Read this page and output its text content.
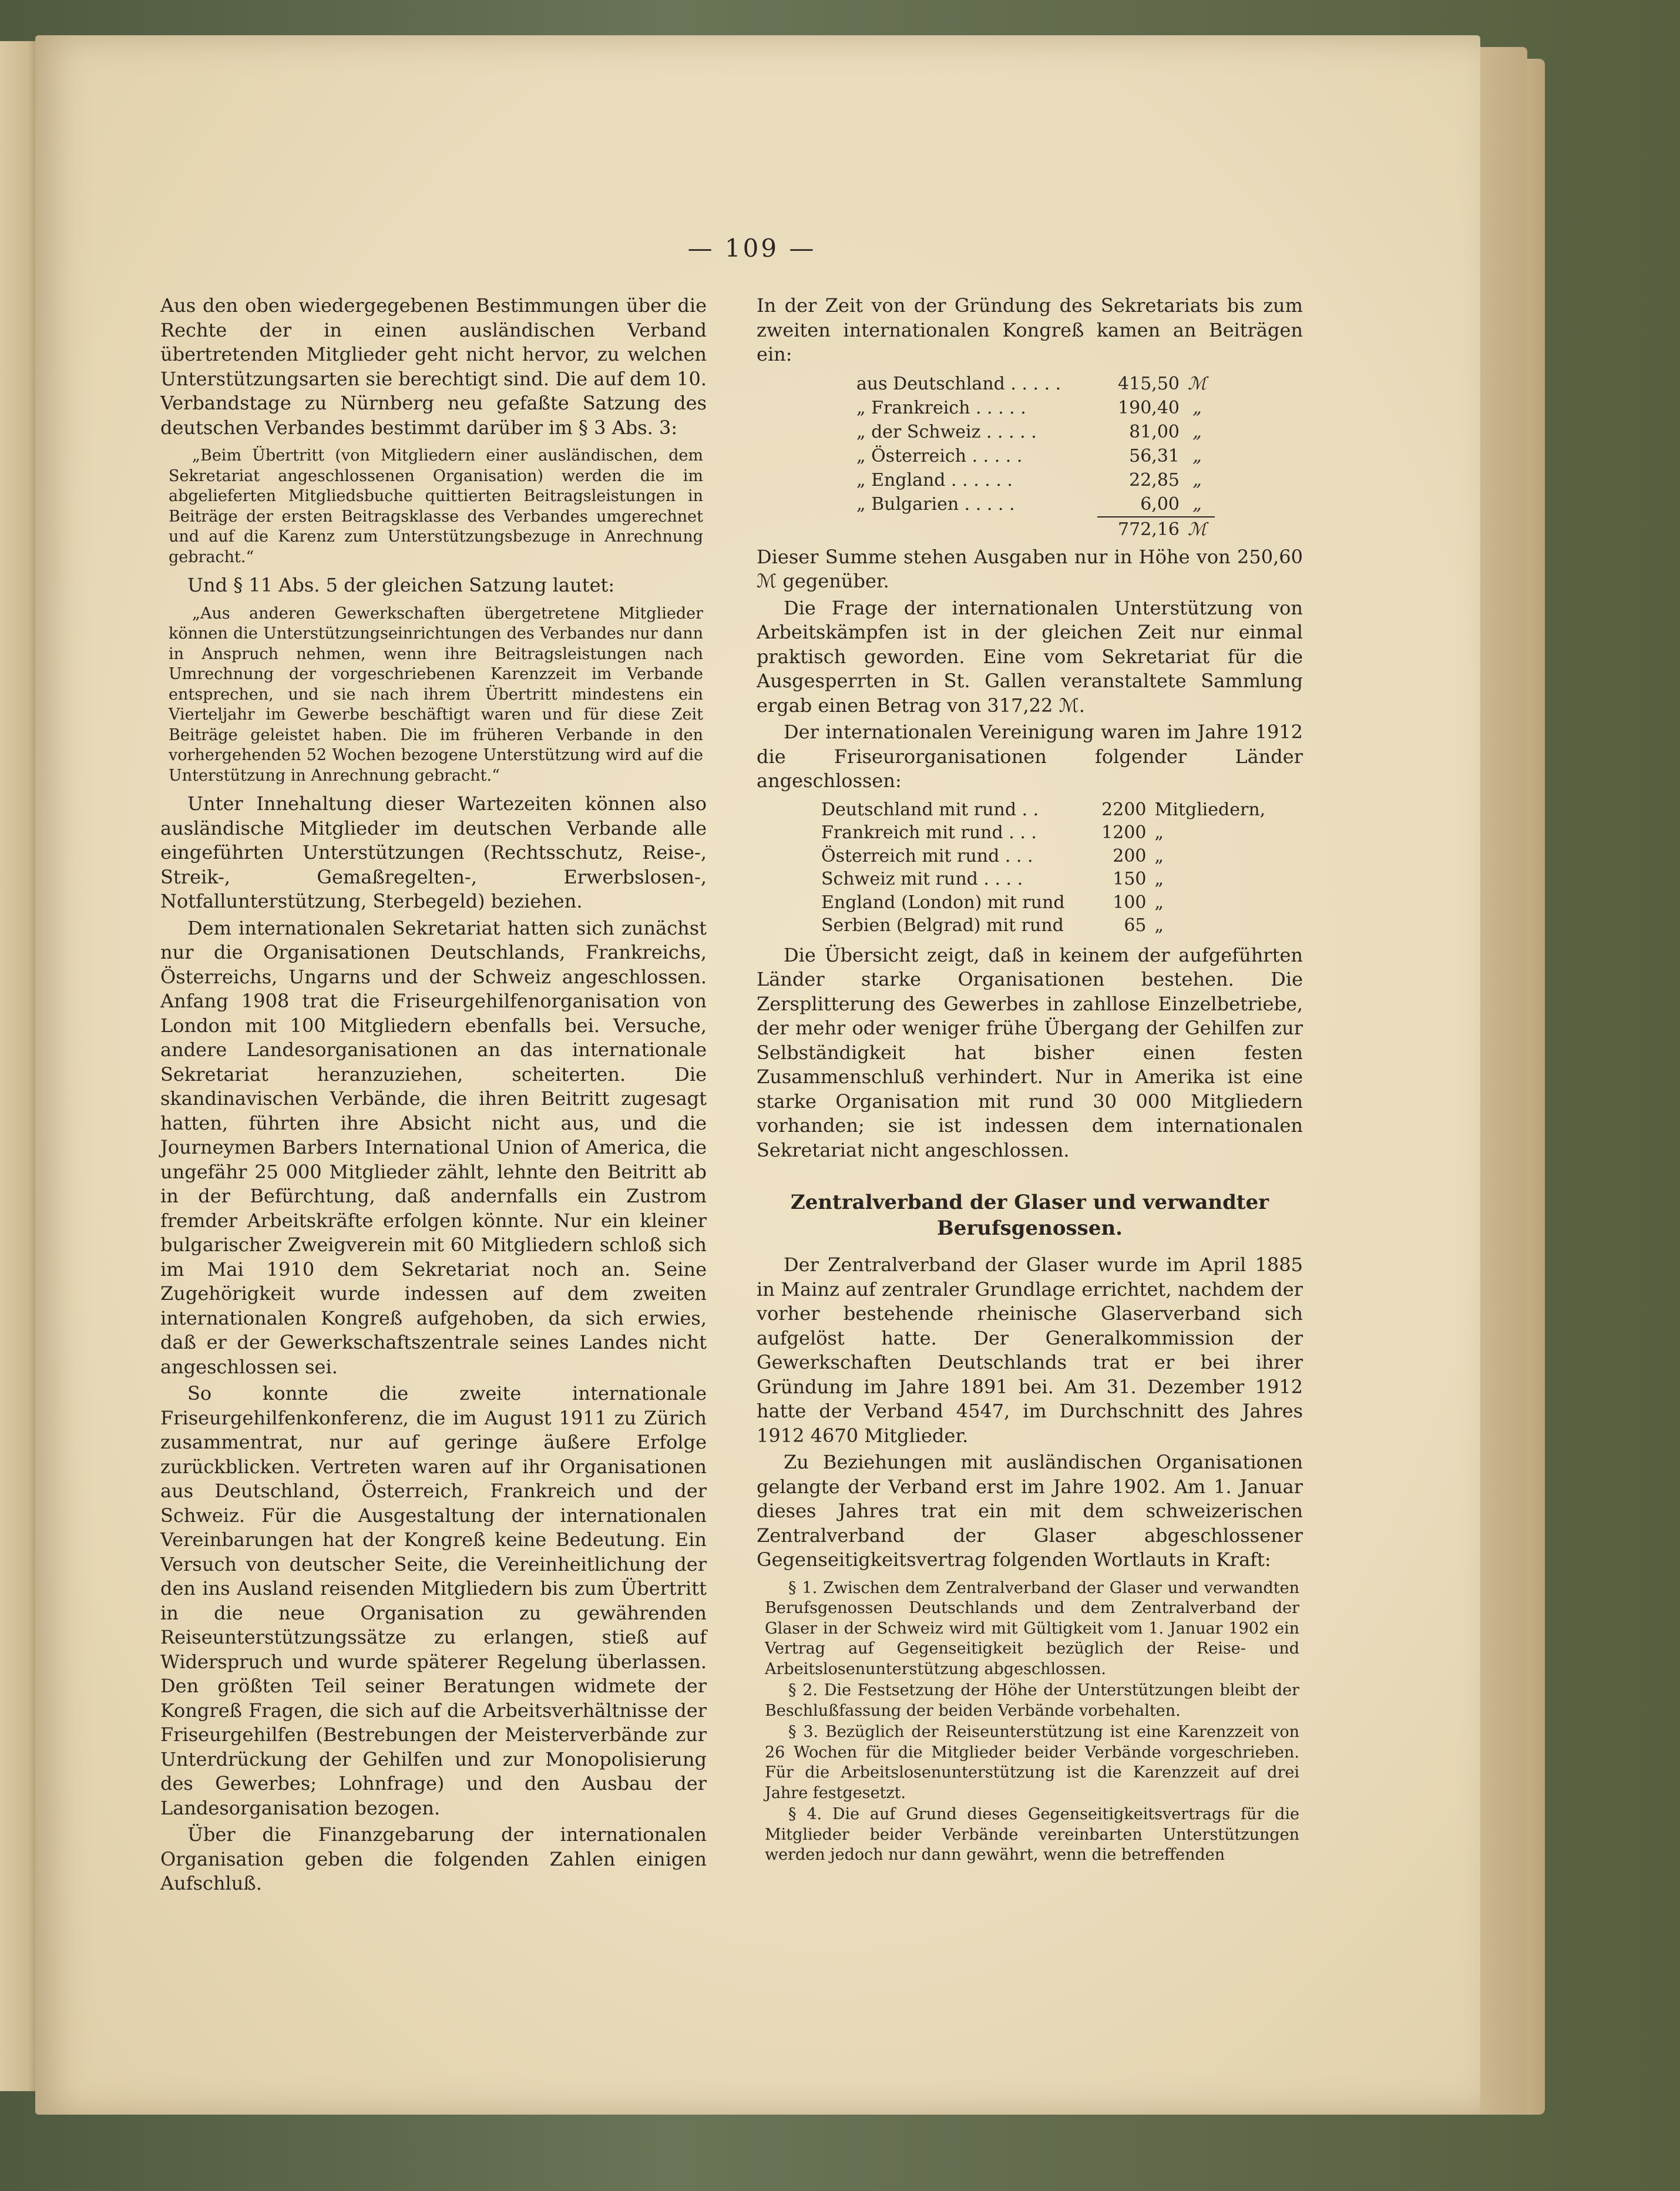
— 109 —

Aus den oben wiedergegebenen Bestimmungen über die Rechte der in einen ausländischen Verband übertretenden Mitglieder geht nicht hervor, zu welchen Unterstützungsarten sie berechtigt sind. Die auf dem 10. Verbandstage zu Nürnberg neu gefaßte Satzung des deutschen Verbandes bestimmt darüber im § 3 Abs. 3:

„Beim Übertritt (von Mitgliedern einer ausländischen, dem Sekretariat angeschlossenen Organisation) werden die im abgelieferten Mitgliedsbuche quittierten Beitragsleistungen in Beiträge der ersten Beitragsklasse des Verbandes umgerechnet und auf die Karenz zum Unterstützungsbezuge in Anrechnung gebracht.“

Und § 11 Abs. 5 der gleichen Satzung lautet:

„Aus anderen Gewerkschaften übergetretene Mitglieder können die Unterstützungseinrichtungen des Verbandes nur dann in Anspruch nehmen, wenn ihre Beitragsleistungen nach Umrechnung der vorgeschriebenen Karenzzeit im Verbande entsprechen, und sie nach ihrem Übertritt mindestens ein Vierteljahr im Gewerbe beschäftigt waren und für diese Zeit Beiträge geleistet haben. Die im früheren Verbande in den vorhergehenden 52 Wochen bezogene Unterstützung wird auf die Unterstützung in Anrechnung gebracht.“

Unter Innehaltung dieser Wartezeiten können also ausländische Mitglieder im deutschen Verbande alle eingeführten Unterstützungen (Rechtsschutz, Reise-, Streik-, Gemaßregelten-, Erwerbslosen-, Notfallunterstützung, Sterbegeld) beziehen.

Dem internationalen Sekretariat hatten sich zunächst nur die Organisationen Deutschlands, Frankreichs, Österreichs, Ungarns und der Schweiz angeschlossen. Anfang 1908 trat die Friseurgehilfenorganisation von London mit 100 Mitgliedern ebenfalls bei. Versuche, andere Landesorganisationen an das internationale Sekretariat heranzuziehen, scheiterten. Die skandinavischen Verbände, die ihren Beitritt zugesagt hatten, führten ihre Absicht nicht aus, und die Journeymen Barbers International Union of America, die ungefähr 25 000 Mitglieder zählt, lehnte den Beitritt ab in der Befürchtung, daß andernfalls ein Zustrom fremder Arbeitskräfte erfolgen könnte. Nur ein kleiner bulgarischer Zweigverein mit 60 Mitgliedern schloß sich im Mai 1910 dem Sekretariat noch an. Seine Zugehörigkeit wurde indessen auf dem zweiten internationalen Kongreß aufgehoben, da sich erwies, daß er der Gewerkschaftszentrale seines Landes nicht angeschlossen sei.

So konnte die zweite internationale Friseurgehilfenkonferenz, die im August 1911 zu Zürich zusammentrat, nur auf geringe äußere Erfolge zurückblicken. Vertreten waren auf ihr Organisationen aus Deutschland, Österreich, Frankreich und der Schweiz. Für die Ausgestaltung der internationalen Vereinbarungen hat der Kongreß keine Bedeutung. Ein Versuch von deutscher Seite, die Vereinheitlichung der den ins Ausland reisenden Mitgliedern bis zum Übertritt in die neue Organisation zu gewährenden Reiseunterstützungssätze zu erlangen, stieß auf Widerspruch und wurde späterer Regelung überlassen. Den größten Teil seiner Beratungen widmete der Kongreß Fragen, die sich auf die Arbeitsverhältnisse der Friseurgehilfen (Bestrebungen der Meisterverbände zur Unterdrückung der Gehilfen und zur Monopolisierung des Gewerbes; Lohnfrage) und den Ausbau der Landesorganisation bezogen.

Über die Finanzgebarung der internationalen Organisation geben die folgenden Zahlen einigen Aufschluß.

In der Zeit von der Gründung des Sekretariats bis zum zweiten internationalen Kongreß kamen an Beiträgen ein:

aus Deutschland . . . . .	415,50 ℳ
„ Frankreich . . . . .	190,40 „
„ der Schweiz . . . . .	81,00 „
„ Österreich . . . . .	56,31 „
„ England . . . . . .	22,85 „
„ Bulgarien . . . . .	6,00 „
772,16 ℳ

Dieser Summe stehen Ausgaben nur in Höhe von 250,60 ℳ gegenüber.

Die Frage der internationalen Unterstützung von Arbeitskämpfen ist in der gleichen Zeit nur einmal praktisch geworden. Eine vom Sekretariat für die Ausgesperrten in St. Gallen veranstaltete Sammlung ergab einen Betrag von 317,22 ℳ.

Der internationalen Vereinigung waren im Jahre 1912 die Friseurorganisationen folgender Länder angeschlossen:

Deutschland mit rund . .	2200 Mitgliedern,
Frankreich mit rund . . .	1200 „
Österreich mit rund . . .	200 „
Schweiz mit rund . . . .	150 „
England (London) mit rund	100 „
Serbien (Belgrad) mit rund	65 „

Die Übersicht zeigt, daß in keinem der aufgeführten Länder starke Organisationen bestehen. Die Zersplitterung des Gewerbes in zahllose Einzelbetriebe, der mehr oder weniger frühe Übergang der Gehilfen zur Selbständigkeit hat bisher einen festen Zusammenschluß verhindert. Nur in Amerika ist eine starke Organisation mit rund 30 000 Mitgliedern vorhanden; sie ist indessen dem internationalen Sekretariat nicht angeschlossen.

Zentralverband der Glaser und verwandter Berufsgenossen.

Der Zentralverband der Glaser wurde im April 1885 in Mainz auf zentraler Grundlage errichtet, nachdem der vorher bestehende rheinische Glaserverband sich aufgelöst hatte. Der Generalkommission der Gewerkschaften Deutschlands trat er bei ihrer Gründung im Jahre 1891 bei. Am 31. Dezember 1912 hatte der Verband 4547, im Durchschnitt des Jahres 1912 4670 Mitglieder.

Zu Beziehungen mit ausländischen Organisationen gelangte der Verband erst im Jahre 1902. Am 1. Januar dieses Jahres trat ein mit dem schweizerischen Zentralverband der Glaser abgeschlossener Gegenseitigkeitsvertrag folgenden Wortlauts in Kraft:

§ 1. Zwischen dem Zentralverband der Glaser und verwandten Berufsgenossen Deutschlands und dem Zentralverband der Glaser in der Schweiz wird mit Gültigkeit vom 1. Januar 1902 ein Vertrag auf Gegenseitigkeit bezüglich der Reise- und Arbeitslosenunterstützung abgeschlossen.

§ 2. Die Festsetzung der Höhe der Unterstützungen bleibt der Beschlußfassung der beiden Verbände vorbehalten.

§ 3. Bezüglich der Reiseunterstützung ist eine Karenzzeit von 26 Wochen für die Mitglieder beider Verbände vorgeschrieben. Für die Arbeitslosenunterstützung ist die Karenzzeit auf drei Jahre festgesetzt.

§ 4. Die auf Grund dieses Gegenseitigkeitsvertrags für die Mitglieder beider Verbände vereinbarten Unterstützungen werden jedoch nur dann gewährt, wenn die betreffenden
